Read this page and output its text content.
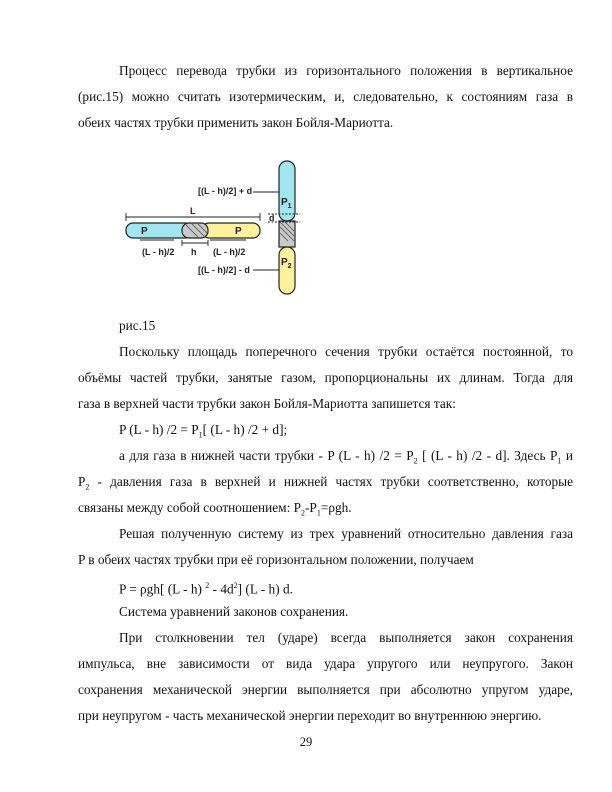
Процесс перевода трубки из горизонтального положения в вертикальное

(рис.15) можно считать изотермическим, и, следовательно, к состояниям газа в

обеих частях трубки применить закон Бойля-Мариотта.

[(L - h)/2] + d
[(L - h)/2] - d
L
P	P
(L - h)/2 h (L - h)/2
d
$P_1$
$P_2$

рис.15

Поскольку площадь поперечного сечения трубки остаётся постоянной, то

объёмы частей трубки, занятые газом, пропорциональны их длинам. Тогда для

газа в верхней части трубки закон Бойля-Мариотта запишется так:

P (L - h) $/2 = P_1$[ (L - h) /2 + d];

а для газа в нижней части трубки - P (L - h) $/2 = P_2$ [ (L - h) /2 - d]. Здесь $P_1$ и

$P_2$ - давления газа в верхней и нижней частях трубки соответственно, которые

связаны между собой соотношением: $P_2-P_1=\rho gh$.

Решая полученную систему из трех уравнений относительно давления газа

P в обеих частях трубки при её горизонтальном положении, получаем

P = ρgh[ (L - h) $^2 - 4d^2$] (L - h) d.

Система уравнений законов сохранения.

При столкновении тел (ударе) всегда выполняется закон сохранения

импульса, вне зависимости от вида удара упругого или неупругого. Закон

сохранения механической энергии выполняется при абсолютно упругом ударе,

при неупругом - часть механической энергии переходит во внутреннюю энергию.

29
